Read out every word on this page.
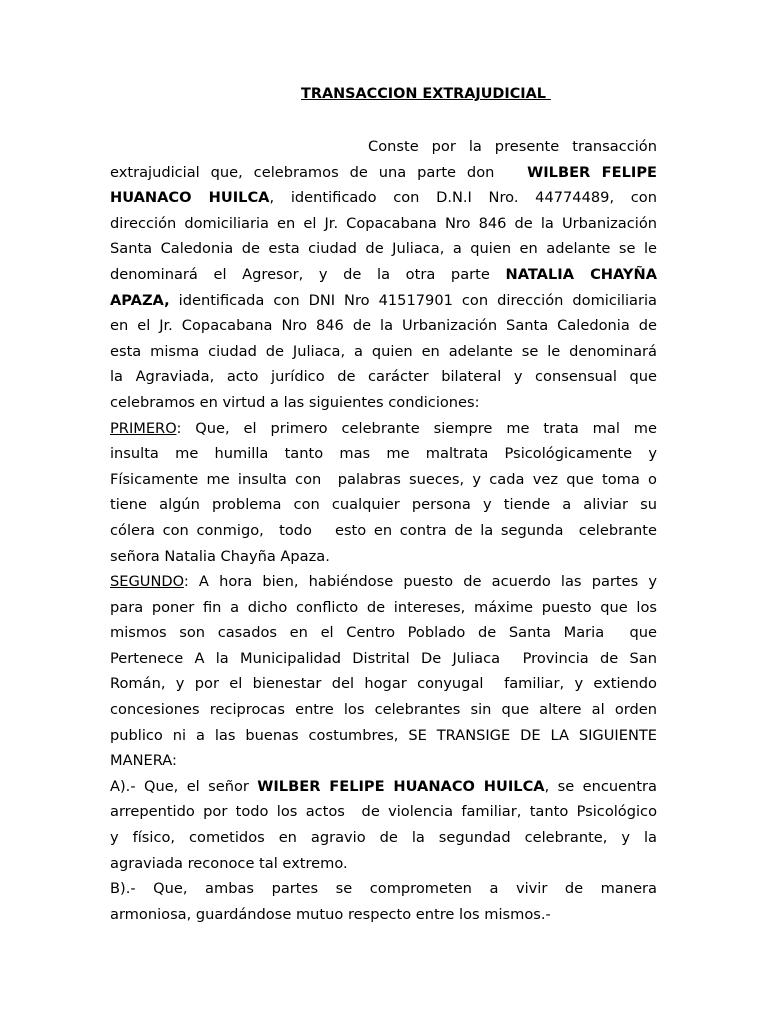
TRANSACCION EXTRAJUDICIAL
Conste por la presente transacción
extrajudicial que, celebramos de una parte don   WILBER FELIPE
HUANACO HUILCA, identificado con D.N.I Nro. 44774489, con
dirección domiciliaria en el Jr. Copacabana Nro 846 de la Urbanización
Santa Caledonia de esta ciudad de Juliaca, a quien en adelante se le
denominará el Agresor, y de la otra parte NATALIA CHAYÑA
APAZA, identificada con DNI Nro 41517901 con dirección domiciliaria
en el Jr. Copacabana Nro 846 de la Urbanización Santa Caledonia de
esta misma ciudad de Juliaca, a quien en adelante se le denominará
la Agraviada, acto jurídico de carácter bilateral y consensual que
celebramos en virtud a las siguientes condiciones:
PRIMERO: Que, el primero celebrante siempre me trata mal me
insulta me humilla tanto mas me maltrata Psicológicamente y
Físicamente me insulta con  palabras sueces, y cada vez que toma o
tiene algún problema con cualquier persona y tiende a aliviar su
cólera con conmigo,  todo   esto en contra de la segunda  celebrante
señora Natalia Chayña Apaza.
SEGUNDO: A hora bien, habiéndose puesto de acuerdo las partes y
para poner fin a dicho conflicto de intereses, máxime puesto que los
mismos son casados en el Centro Poblado de Santa Maria  que
Pertenece A la Municipalidad Distrital De Juliaca  Provincia de San
Román, y por el bienestar del hogar conyugal  familiar, y extiendo
concesiones reciprocas entre los celebrantes sin que altere al orden
publico ni a las buenas costumbres, SE TRANSIGE DE LA SIGUIENTE
MANERA:
A).- Que, el señor WILBER FELIPE HUANACO HUILCA, se encuentra
arrepentido por todo los actos  de violencia familiar, tanto Psicológico
y físico, cometidos en agravio de la segundad celebrante, y la
agraviada reconoce tal extremo.
B).- Que, ambas partes se comprometen a vivir de manera
armoniosa, guardándose mutuo respecto entre los mismos.-
